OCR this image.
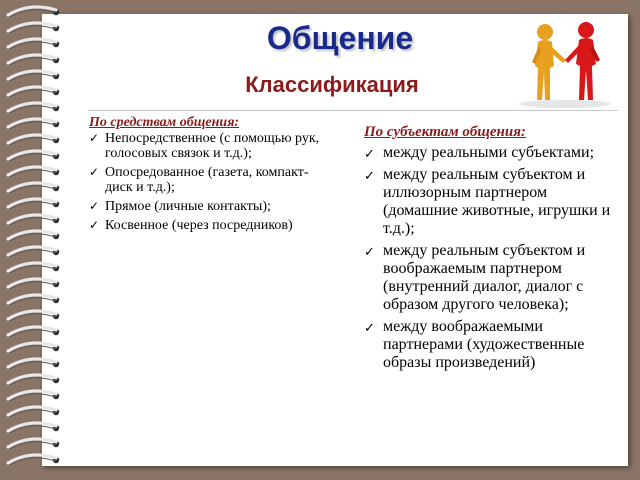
Общение
Классификация
По средствам общения:
✓ Непосредственное (с помощью рук, голосовых связок и т.д.);
✓ Опосредованное (газета, компакт-диск и т.д.);
✓ Прямое (личные контакты);
✓ Косвенное (через посредников)
По субъектам общения:
✓ между реальными субъектами;
✓ между реальным субъектом и иллюзорным партнером (домашние животные, игрушки и т.д.);
✓ между реальным субъектом и воображаемым партнером (внутренний диалог, диалог с образом другого человека);
✓ между воображаемыми партнерами (художественные образы произведений)
